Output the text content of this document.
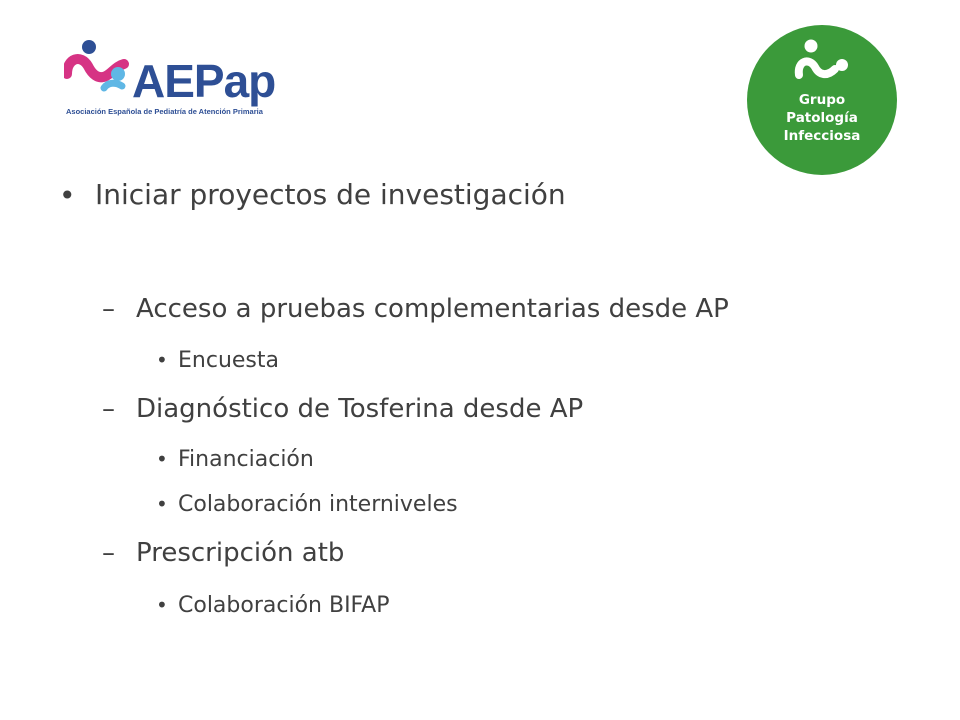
AEPap
Asociación Española de Pediatría de Atención Primaria
Grupo
Patología
Infecciosa
• Iniciar proyectos de investigación
– Acceso a pruebas complementarias desde AP
• Encuesta
– Diagnóstico de Tosferina desde AP
• Financiación
• Colaboración interniveles
– Prescripción atb
• Colaboración BIFAP
